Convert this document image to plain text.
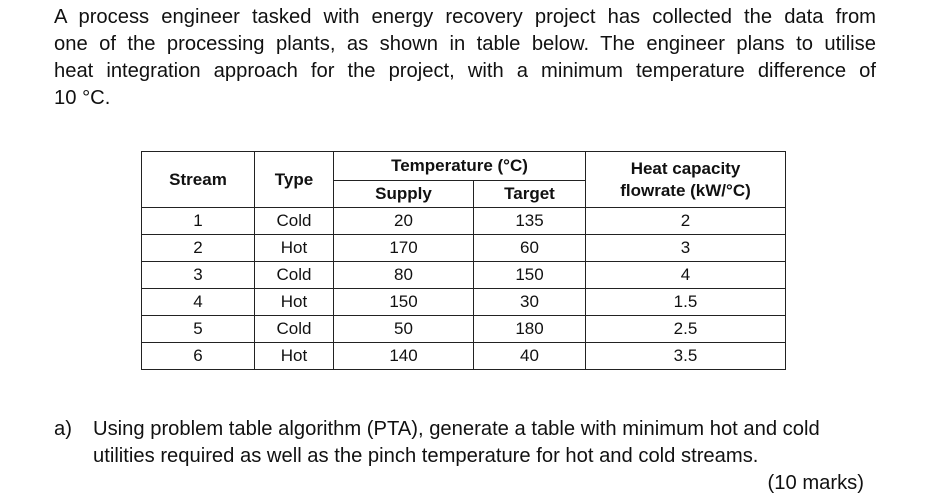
A process engineer tasked with energy recovery project has collected the data from
one of the processing plants, as shown in table below. The engineer plans to utilise
heat integration approach for the project, with a minimum temperature difference of
10 °C.
Stream	Type	Temperature (°C)		Heat capacity
flowrate (kW/°C)
		Supply	Target	
1	Cold	20	135	2
2	Hot	170	60	3
3	Cold	80	150	4
4	Hot	150	30	1.5
5	Cold	50	180	2.5
6	Hot	140	40	3.5
a) Using problem table algorithm (PTA), generate a table with minimum hot and cold
utilities required as well as the pinch temperature for hot and cold streams.
(10 marks)
